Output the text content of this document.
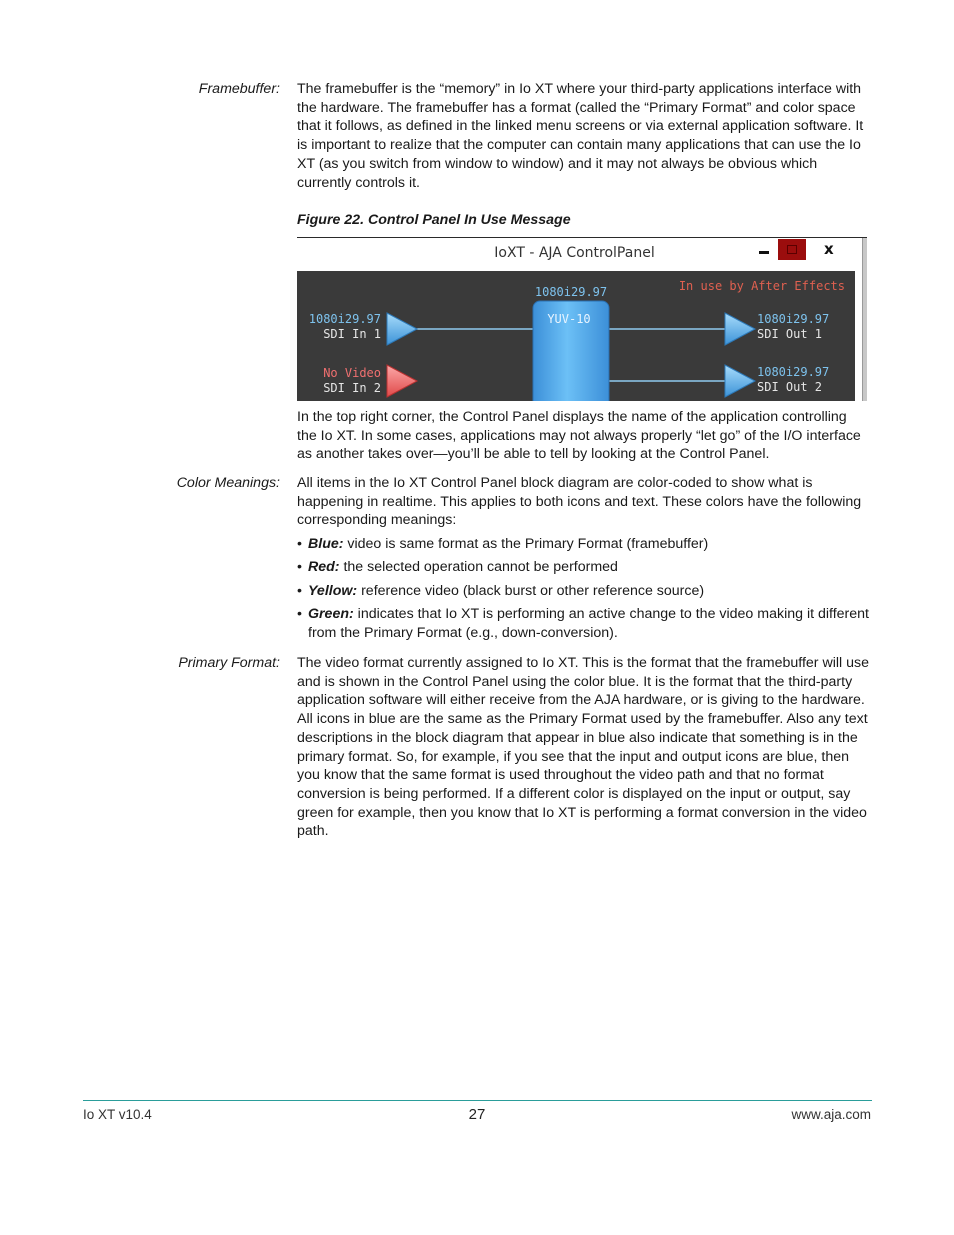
Framebuffer: The framebuffer is the “memory” in Io XT where your third-party applications interface with the hardware. The framebuffer has a format (called the “Primary Format” and color space that it follows, as defined in the linked menu screens or via external application software. It is important to realize that the computer can contain many applications that can use the Io XT (as you switch from window to window) and it may not always be obvious which currently controls it.
Figure 22. Control Panel In Use Message
IoXT - AJA ControlPanel	x
In use by After Effects
1080i29.97
YUV-10
1080i29.97
SDI In 1
No Video
SDI In 2
1080i29.97
SDI Out 1
1080i29.97
SDI Out 2
In the top right corner, the Control Panel displays the name of the application controlling the Io XT. In some cases, applications may not always properly “let go” of the I/O interface as another takes over—you’ll be able to tell by looking at the Control Panel.
Color Meanings: All items in the Io XT Control Panel block diagram are color-coded to show what is happening in realtime. This applies to both icons and text. These colors have the following corresponding meanings:
• Blue: video is same format as the Primary Format (framebuffer)
• Red: the selected operation cannot be performed
• Yellow: reference video (black burst or other reference source)
• Green: indicates that Io XT is performing an active change to the video making it different from the Primary Format (e.g., down-conversion).
Primary Format: The video format currently assigned to Io XT. This is the format that the framebuffer will use and is shown in the Control Panel using the color blue. It is the format that the third-party application software will either receive from the AJA hardware, or is giving to the hardware. All icons in blue are the same as the Primary Format used by the framebuffer. Also any text descriptions in the block diagram that appear in blue also indicate that something is in the primary format. So, for example, if you see that the input and output icons are blue, then you know that the same format is used throughout the video path and that no format conversion is being performed. If a different color is displayed on the input or output, say green for example, then you know that Io XT is performing a format conversion in the video path.
Io XT v10.4	27	www.aja.com
